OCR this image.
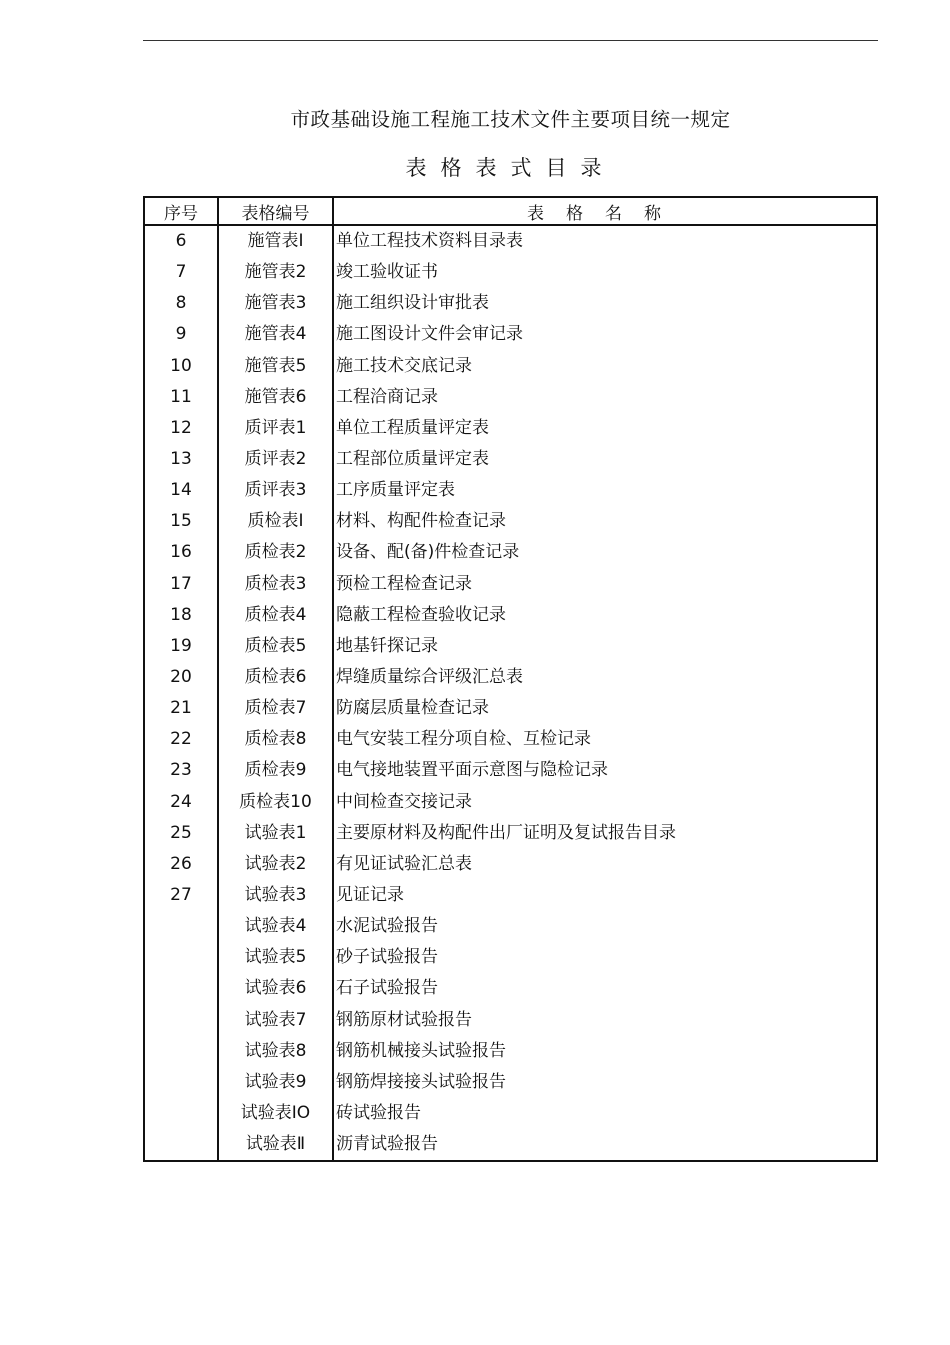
市政基础设施工程施工技术文件主要项目统一规定
表格表式目录
序号	表格编号	表格名称
6	施管表Ⅰ	单位工程技术资料目录表
7	施管表2	竣工验收证书
8	施管表3	施工组织设计审批表
9	施管表4	施工图设计文件会审记录
10	施管表5	施工技术交底记录
11	施管表6	工程洽商记录
12	质评表1	单位工程质量评定表
13	质评表2	工程部位质量评定表
14	质评表3	工序质量评定表
15	质检表Ⅰ	材料、构配件检查记录
16	质检表2	设备、配(备)件检查记录
17	质检表3	预检工程检查记录
18	质检表4	隐蔽工程检查验收记录
19	质检表5	地基钎探记录
20	质检表6	焊缝质量综合评级汇总表
21	质检表7	防腐层质量检查记录
22	质检表8	电气安装工程分项自检、互检记录
23	质检表9	电气接地装置平面示意图与隐检记录
24	质检表10	中间检查交接记录
25	试验表1	主要原材料及构配件出厂证明及复试报告目录
26	试验表2	有见证试验汇总表
27	试验表3	见证记录
	试验表4	水泥试验报告
	试验表5	砂子试验报告
	试验表6	石子试验报告
	试验表7	钢筋原材试验报告
	试验表8	钢筋机械接头试验报告
	试验表9	钢筋焊接接头试验报告
	试验表IO	砖试验报告
	试验表Ⅱ	沥青试验报告
